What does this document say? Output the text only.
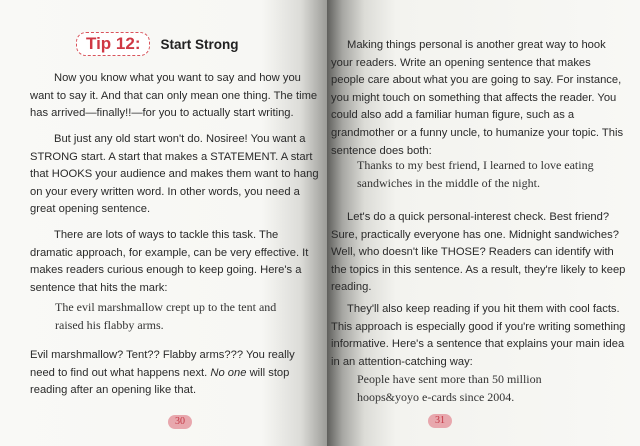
Tip 12:	Start Strong

Now you know what you want to say and how you want to say it. And that can only mean one thing. The time has arrived—finally!!—for you to actually start writing.

But just any old start won't do. Nosiree! You want a STRONG start. A start that makes a STATEMENT. A start that HOOKS your audience and makes them want to hang on your every written word. In other words, you need a great opening sentence.

There are lots of ways to tackle this task. The dramatic approach, for example, can be very effective. It makes readers curious enough to keep going. Here's a sentence that hits the mark:

The evil marshmallow crept up to the tent and raised his flabby arms.

Evil marshmallow? Tent?? Flabby arms??? You really need to find out what happens next. No one will stop reading after an opening like that.

30

Making things personal is another great way to hook your readers. Write an opening sentence that makes people care about what you are going to say. For instance, you might touch on something that affects the reader. You could also add a familiar human figure, such as a grandmother or a funny uncle, to humanize your topic. This sentence does both:

Thanks to my best friend, I learned to love eating sandwiches in the middle of the night.

Let's do a quick personal-interest check. Best friend? Sure, practically everyone has one. Midnight sandwiches? Well, who doesn't like THOSE? Readers can identify with the topics in this sentence. As a result, they're likely to keep reading.

They'll also keep reading if you hit them with cool facts. This approach is especially good if you're writing something informative. Here's a sentence that explains your main idea in an attention-catching way:

People have sent more than 50 million hoops&yoyo e-cards since 2004.

31
